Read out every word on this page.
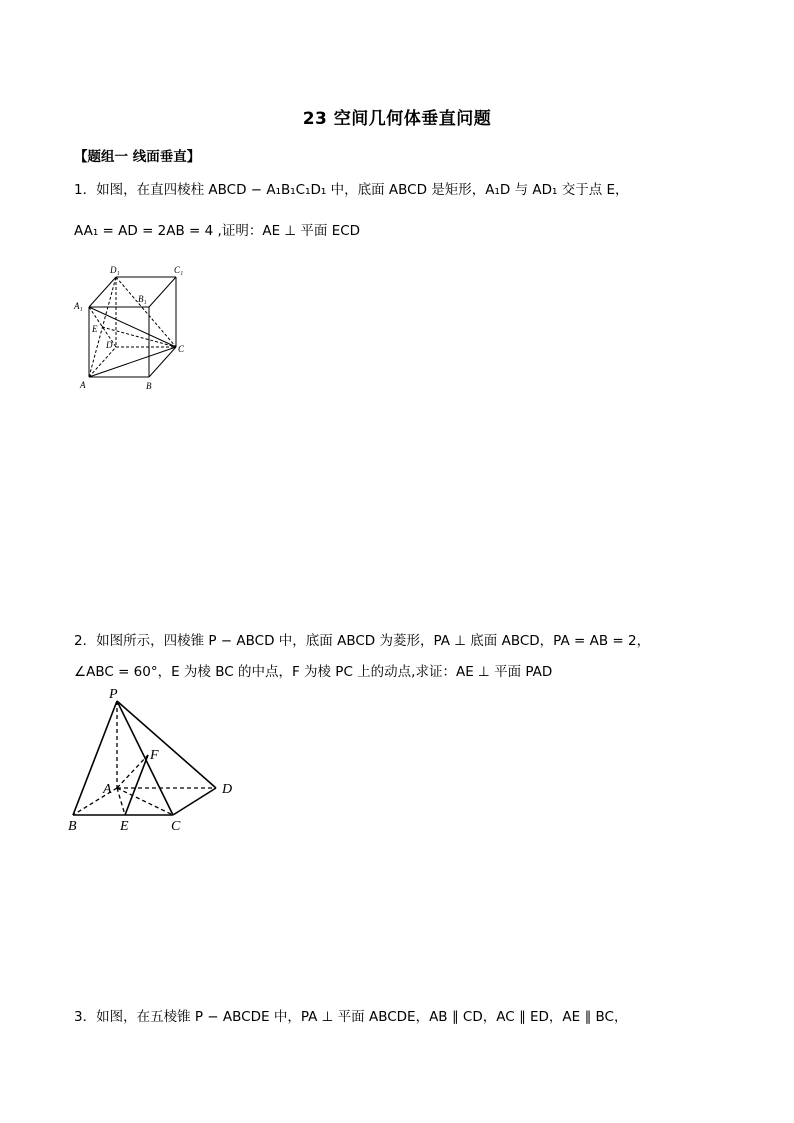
23 空间几何体垂直问题
【题组一 线面垂直】
1．如图，在直四棱柱 ABCD − A₁B₁C₁D₁ 中，底面 ABCD 是矩形，A₁D 与 AD₁ 交于点 E，
AA₁ = AD = 2AB = 4 ,证明：AE ⊥ 平面 ECD
D₁	C₁
B₁
A₁
E
D	C
A	B
2．如图所示，四棱锥 P − ABCD 中，底面 ABCD 为菱形，PA ⊥ 底面 ABCD，PA = AB = 2，
∠ABC = 60°，E 为棱 BC 的中点，F 为棱 PC 上的动点,求证：AE ⊥ 平面 PAD
P
F
A	D
B	E	C
3．如图，在五棱锥 P − ABCDE 中，PA ⊥ 平面 ABCDE，AB ∥ CD，AC ∥ ED，AE ∥ BC，
